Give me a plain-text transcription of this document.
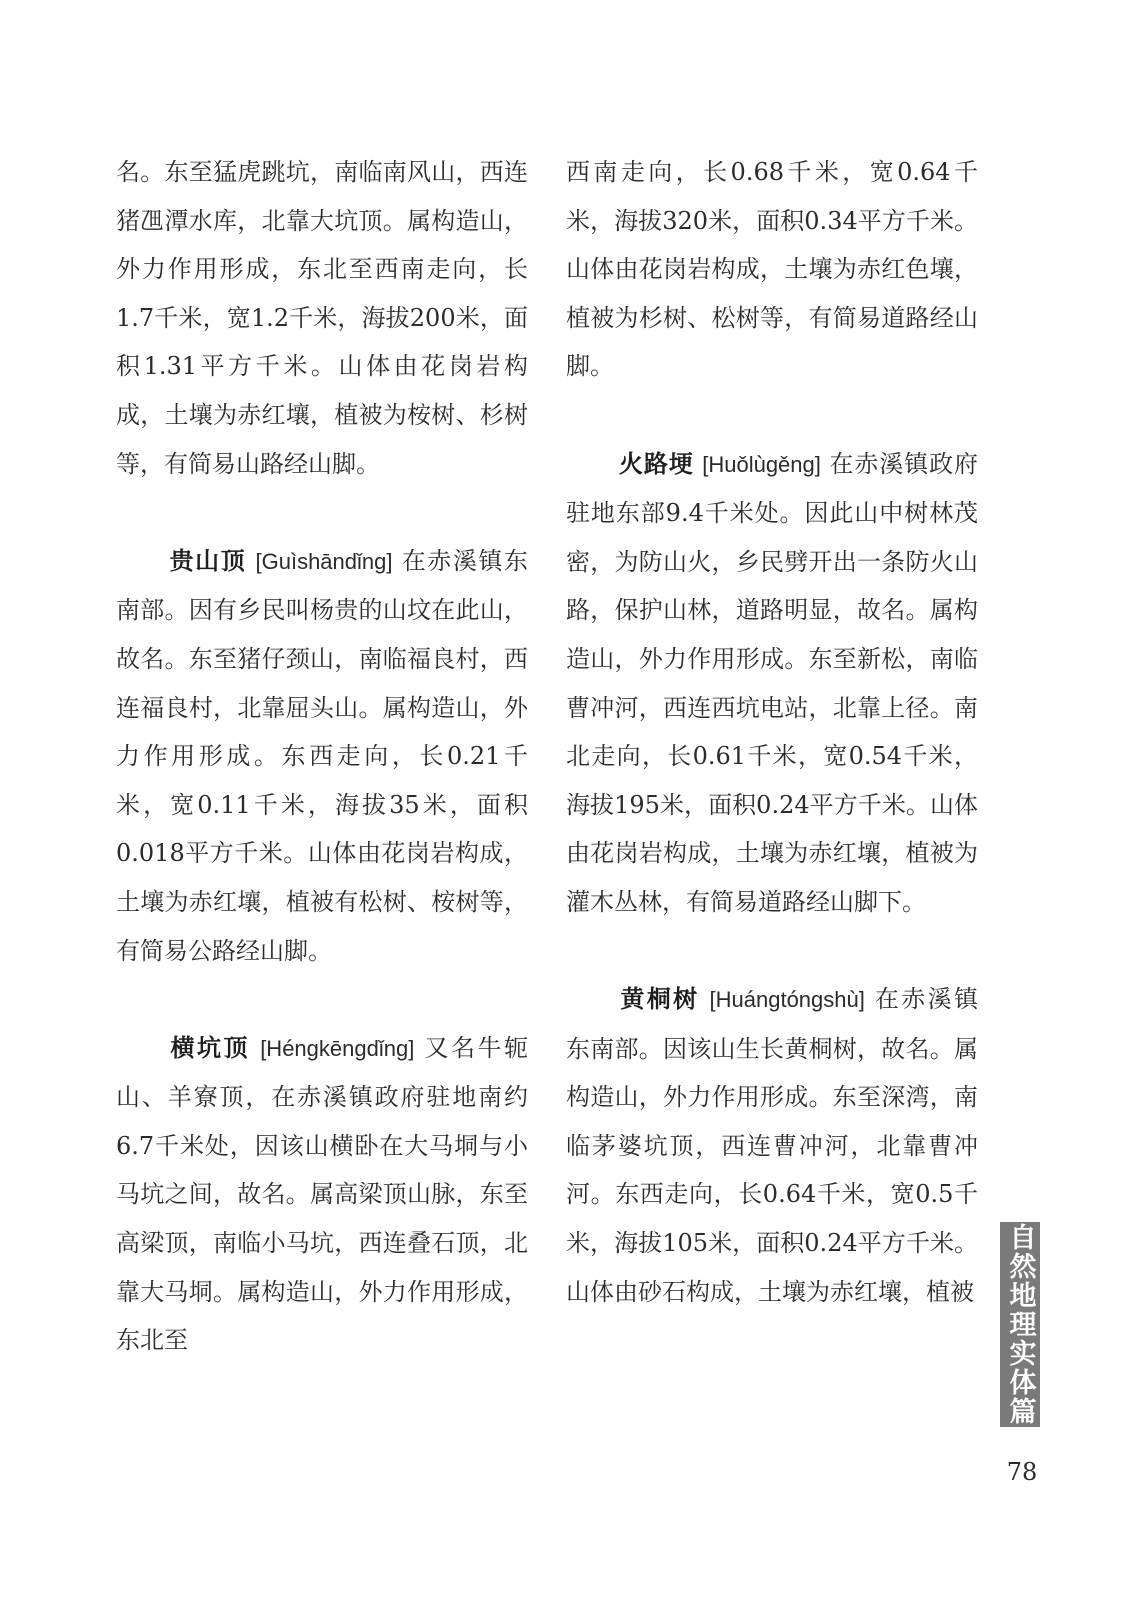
名。东至猛虎跳坑，南临南风山，西连猪乪潭水库，北靠大坑顶。属构造山，外力作用形成，东北至西南走向，长1.7千米，宽1.2千米，海拔200米，面积1.31平方千米。山体由花岗岩构成，土壤为赤红壤，植被为桉树、杉树等，有简易山路经山脚。

贵山顶 [Guìshāndǐng] 在赤溪镇东南部。因有乡民叫杨贵的山坟在此山，故名。东至猪仔颈山，南临福良村，西连福良村，北靠屈头山。属构造山，外力作用形成。东西走向，长0.21千米，宽0.11千米，海拔35米，面积0.018平方千米。山体由花岗岩构成，土壤为赤红壤，植被有松树、桉树等，有简易公路经山脚。

横坑顶 [Héngkēngdǐng] 又名牛轭山、羊寮顶，在赤溪镇政府驻地南约6.7千米处，因该山横卧在大马垌与小马坑之间，故名。属高梁顶山脉，东至高梁顶，南临小马坑，西连叠石顶，北靠大马垌。属构造山，外力作用形成，东北至

西南走向，长0.68千米，宽0.64千米，海拔320米，面积0.34平方千米。山体由花岗岩构成，土壤为赤红色壤，植被为杉树、松树等，有简易道路经山脚。

火路埂 [Huǒlùgěng] 在赤溪镇政府驻地东部9.4千米处。因此山中树林茂密，为防山火，乡民劈开出一条防火山路，保护山林，道路明显，故名。属构造山，外力作用形成。东至新松，南临曹冲河，西连西坑电站，北靠上径。南北走向，长0.61千米，宽0.54千米，海拔195米，面积0.24平方千米。山体由花岗岩构成，土壤为赤红壤，植被为灌木丛林，有简易道路经山脚下。

黄桐树 [Huángtóngshù] 在赤溪镇东南部。因该山生长黄桐树，故名。属构造山，外力作用形成。东至深湾，南临茅婆坑顶，西连曹冲河，北靠曹冲河。东西走向，长0.64千米，宽0.5千米，海拔105米，面积0.24平方千米。山体由砂石构成，土壤为赤红壤，植被 自然地理实体篇
78
